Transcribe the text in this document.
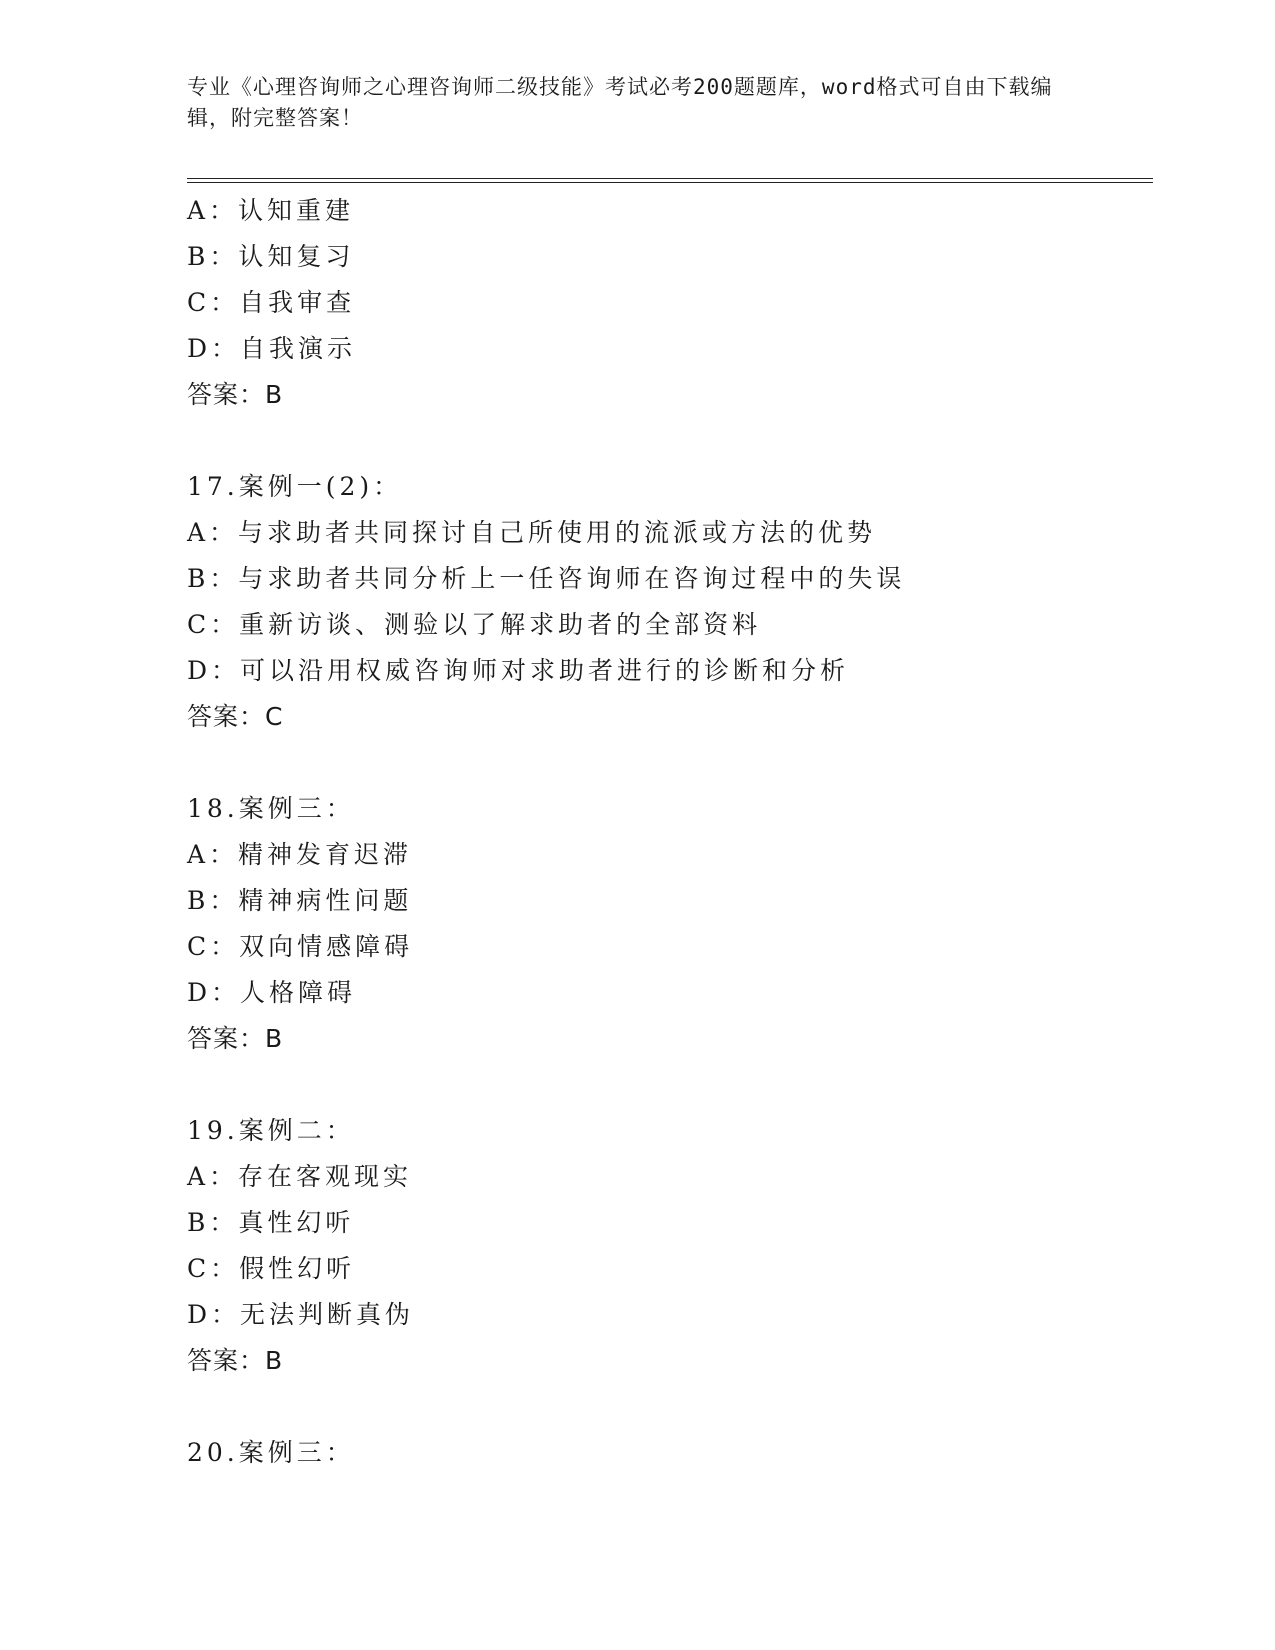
专业《心理咨询师之心理咨询师二级技能》考试必考200题题库，word格式可自由下载编辑，附完整答案！
A：认知重建
B：认知复习
C：自我审查
D：自我演示
答案：B
17.案例一(2)：
A：与求助者共同探讨自己所使用的流派或方法的优势
B：与求助者共同分析上一任咨询师在咨询过程中的失误
C：重新访谈、测验以了解求助者的全部资料
D：可以沿用权威咨询师对求助者进行的诊断和分析
答案：C
18.案例三：
A：精神发育迟滞
B：精神病性问题
C：双向情感障碍
D：人格障碍
答案：B
19.案例二：
A：存在客观现实
B：真性幻听
C：假性幻听
D：无法判断真伪
答案：B
20.案例三：
